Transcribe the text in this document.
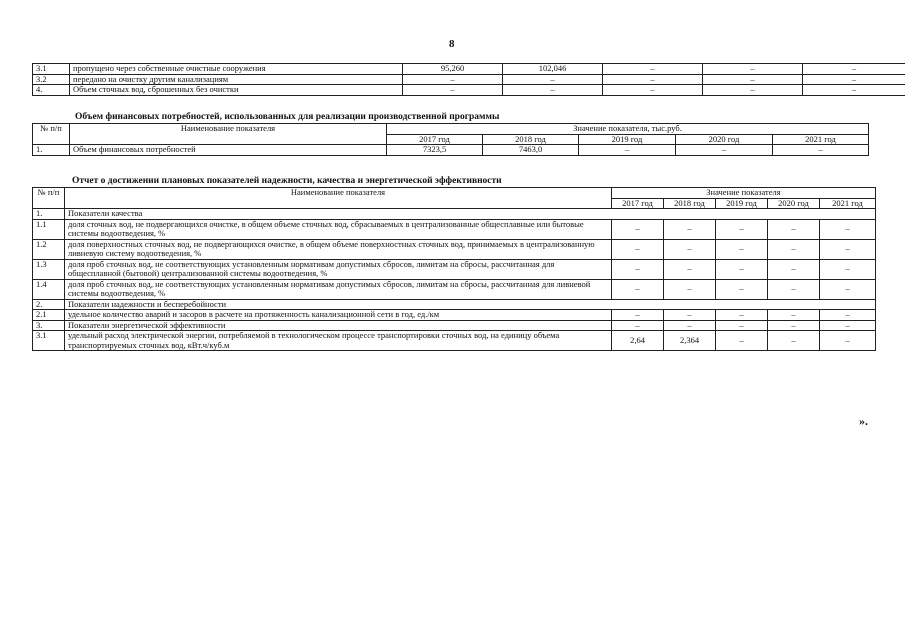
8
3.1	пропущено через собственные очистные сооружения	95,260	102,046	–	–	–
3.2	передано на очистку другим канализациям	–	–	–	–	–
4.	Объем сточных вод, сброшенных без очистки	–	–	–	–	–
Объем финансовых потребностей, использованных для реализации производственной программы
№ п/п	Наименование показателя	Значение показателя, тыс.руб.				
		2017 год	2018 год	2019 год	2020 год	2021 год
1.	Объем финансовых потребностей	7323,5	7463,0	–	–	–
Отчет о достижении плановых показателей надежности, качества и энергетической эффективности
№ п/п	Наименование показателя	Значение показателя				
		2017 год	2018 год	2019 год	2020 год	2021 год
1.	Показатели качества					
1.1	доля сточных вод, не подвергающихся очистке, в общем объеме сточных вод, сбрасываемых в централизованные общесплавные или бытовые системы водоотведения, %	–	–	–	–	–
1.2	доля поверхностных сточных вод, не подвергающихся очистке, в общем объеме поверхностных сточных вод, принимаемых в централизованную ливневую систему водоотведения, %	–	–	–	–	–
1.3	доля проб сточных вод, не соответствующих установленным нормативам допустимых сбросов, лимитам на сбросы, рассчитанная для общесплавной (бытовой) централизованной системы водоотведения, %	–	–	–	–	–
1.4	доля проб сточных вод, не соответствующих установленным нормативам допустимых сбросов, лимитам на сбросы, рассчитанная для ливневой системы водоотведения, %	–	–	–	–	–
2.	Показатели надежности и бесперебойности					
2.1	удельное количество аварий и засоров в расчете на протяженность канализационной сети в год, ед./км	–	–	–	–	–
3.	Показатели энергетической эффективности	–	–	–	–	–
3.1	удельный расход электрической энергии, потребляемой в технологическом процессе транспортировки сточных вод, на единицу объема транспортируемых сточных вод, кВт.ч/куб.м	2,64	2,364	–	–	–
».
